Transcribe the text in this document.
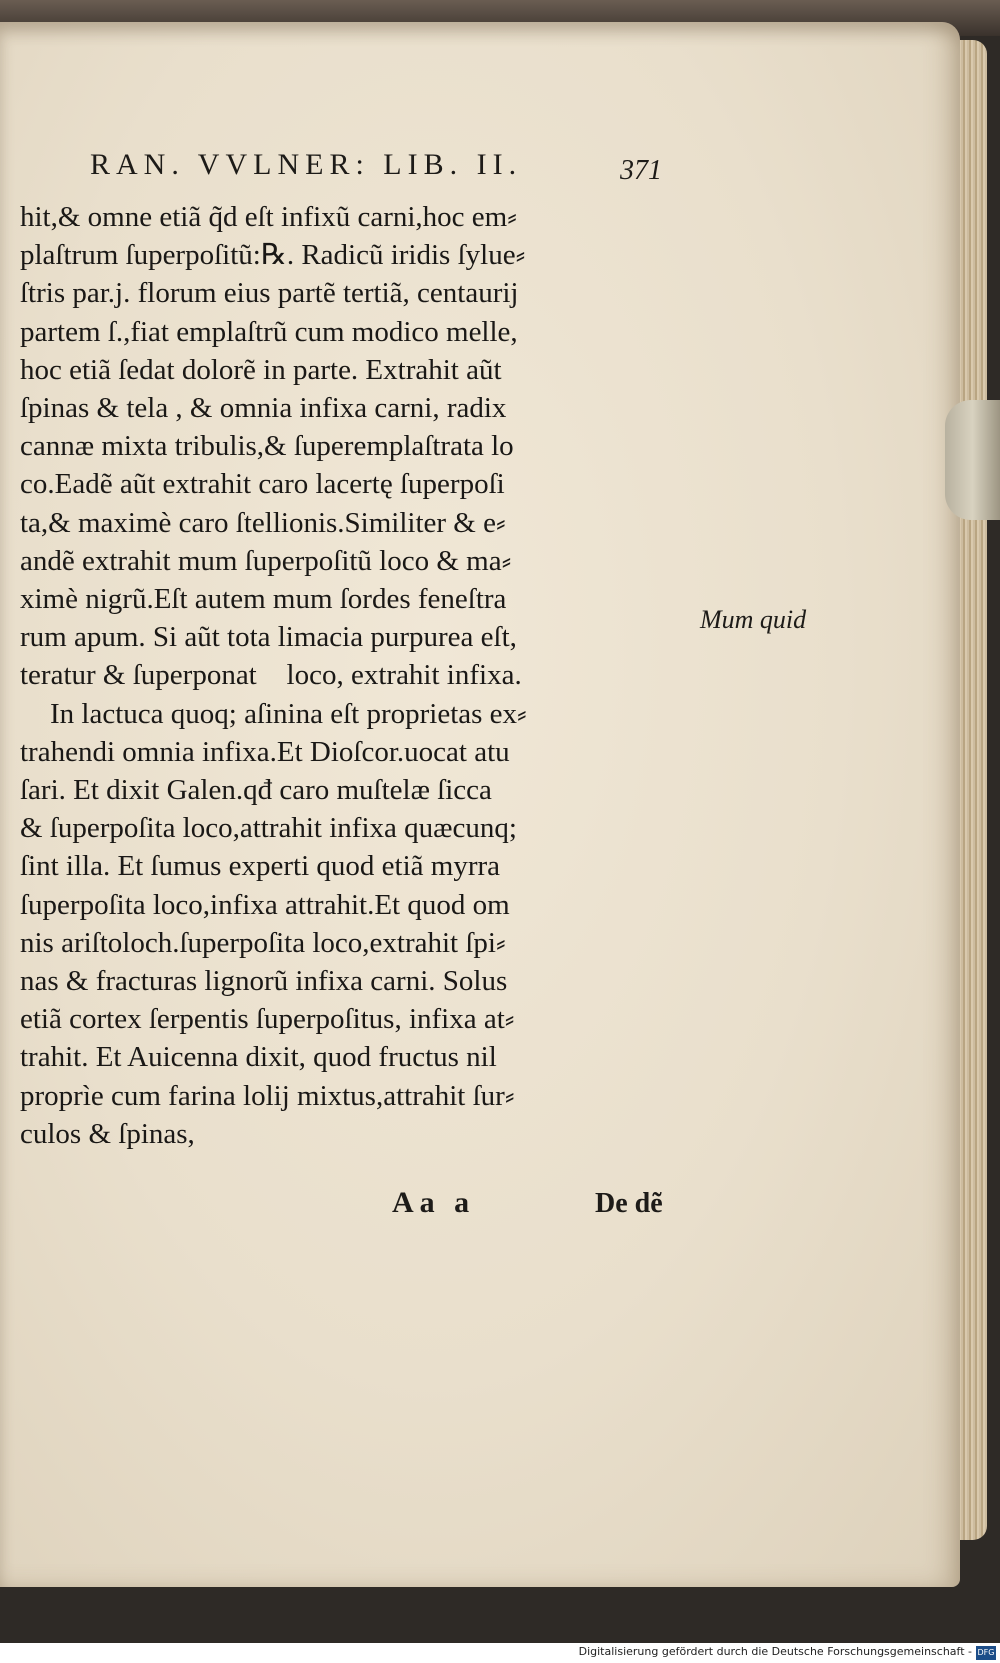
RAN. VVLNER: LIB. II.	371
hit,& omne etiã q̃d eſt infixũ carni,hoc em⸗
plaſtrum ſuperpoſitũ:℞. Radicũ iridis ſylue⸗
ſtris par.j. florum eius partẽ tertiã, centaurij
partem ſ.,fiat emplaſtrũ cum modico melle,
hoc etiã ſedat dolorẽ in parte. Extrahit aũt
ſpinas & tela , & omnia infixa carni, radix
cannæ mixta tribulis,& ſuperemplaſtrata lo
co.Eadẽ aũt extrahit caro lacertę ſuperpoſi
ta,& maximè caro ſtellionis.Similiter & e⸗
andẽ extrahit mum ſuperpoſitũ loco & ma⸗
ximè nigrũ.Eſt autem mum ſordes feneſtra
rum apum. Si aũt tota limacia purpurea eſt,
teratur & ſuperponatᷣ loco, extrahit infixa.
In lactuca quoq; aſinina eſt proprietas ex⸗
trahendi omnia infixa.Et Dioſcor.uocat atu
ſari. Et dixit Galen.qđ caro muſtelæ ſicca
& ſuperpoſita loco,attrahit infixa quæcunq;
ſint illa. Et ſumus experti quod etiã myrra
ſuperpoſita loco,infixa attrahit.Et quod om
nis ariſtoloch.ſuperpoſita loco,extrahit ſpi⸗
nas & fracturas lignorũ infixa carni. Solus
etiã cortex ſerpentis ſuperpoſitus, infixa at⸗
trahit. Et Auicenna dixit, quod fructus nil
proprìe cum farina lolij mixtus,attrahit ſur⸗
culos & ſpinas,
Mum quid
Aa a	De dẽ
Digitalisierung gefördert durch die Deutsche Forschungsgemeinschaft - DFG
